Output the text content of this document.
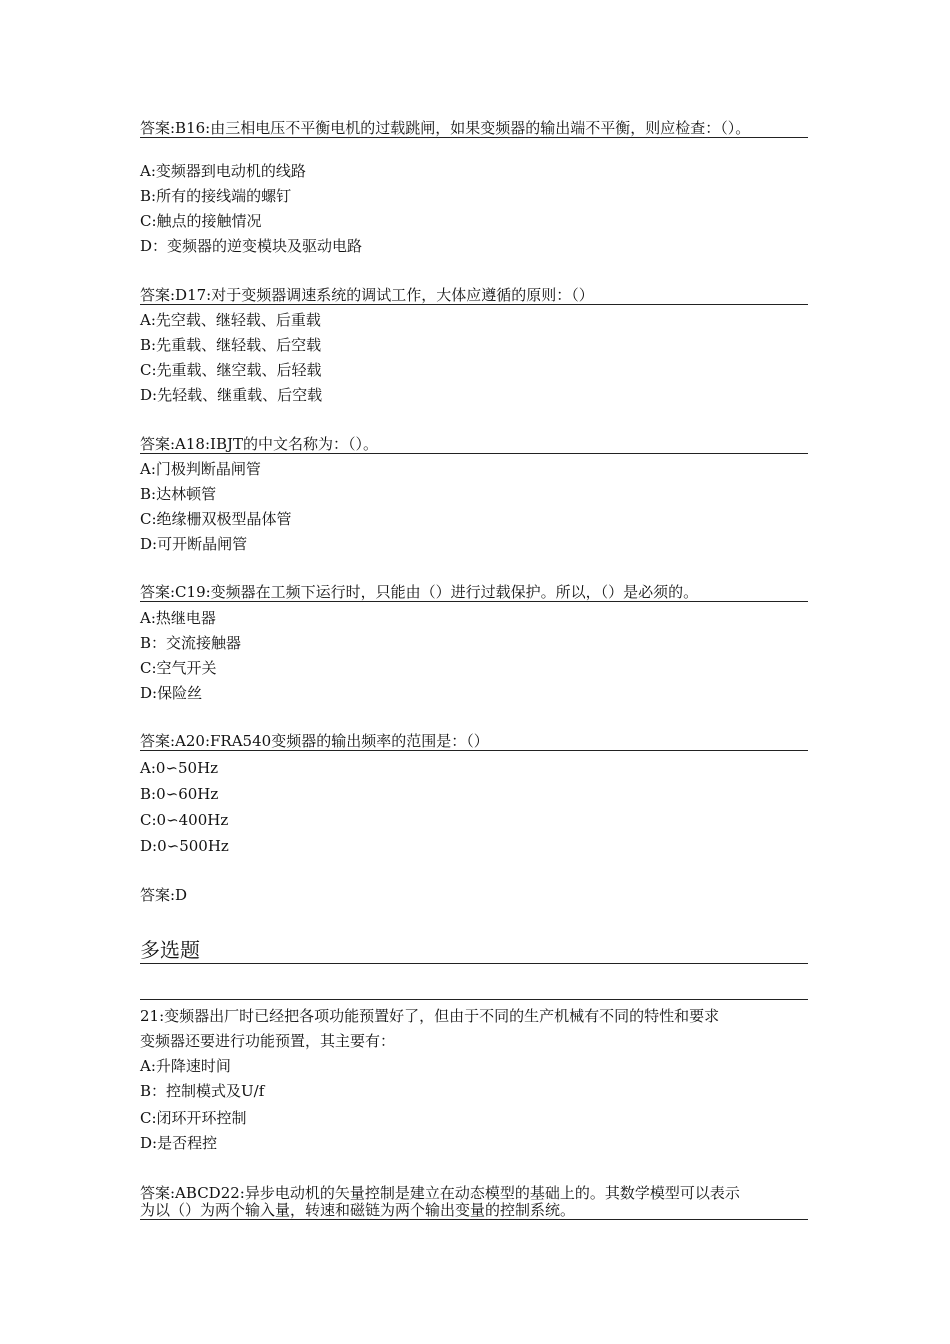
答案:B16:由三相电压不平衡电机的过载跳闸，如果变频器的输出端不平衡，则应检查：（）。
A:变频器到电动机的线路
B:所有的接线端的螺钉
C:触点的接触情况
D：变频器的逆变模块及驱动电路
答案:D17:对于变频器调速系统的调试工作，大体应遵循的原则：（）
A:先空载、继轻载、后重载
B:先重载、继轻载、后空载
C:先重载、继空载、后轻载
D:先轻载、继重载、后空载
答案:A18:IBJT的中文名称为：（）。
A:门极判断晶闸管
B:达林顿管
C:绝缘栅双极型晶体管
D:可开断晶闸管
答案:C19:变频器在工频下运行时，只能由（）进行过载保护。所以，（）是必须的。
A:热继电器
B：交流接触器
C:空气开关
D:保险丝
答案:A20:FRA540变频器的输出频率的范围是：（）
A:0∽50Hz
B:0∽60Hz
C:0∽400Hz
D:0∽500Hz
答案:D
多选题
21:变频器出厂时已经把各项功能预置好了，但由于不同的生产机械有不同的特性和要求
变频器还要进行功能预置，其主要有：
A:升降速时间
B：控制模式及U/f
C:闭环开环控制
D:是否程控
答案:ABCD22:异步电动机的矢量控制是建立在动态模型的基础上的。其数学模型可以表示
为以（）为两个输入量，转速和磁链为两个输出变量的控制系统。
